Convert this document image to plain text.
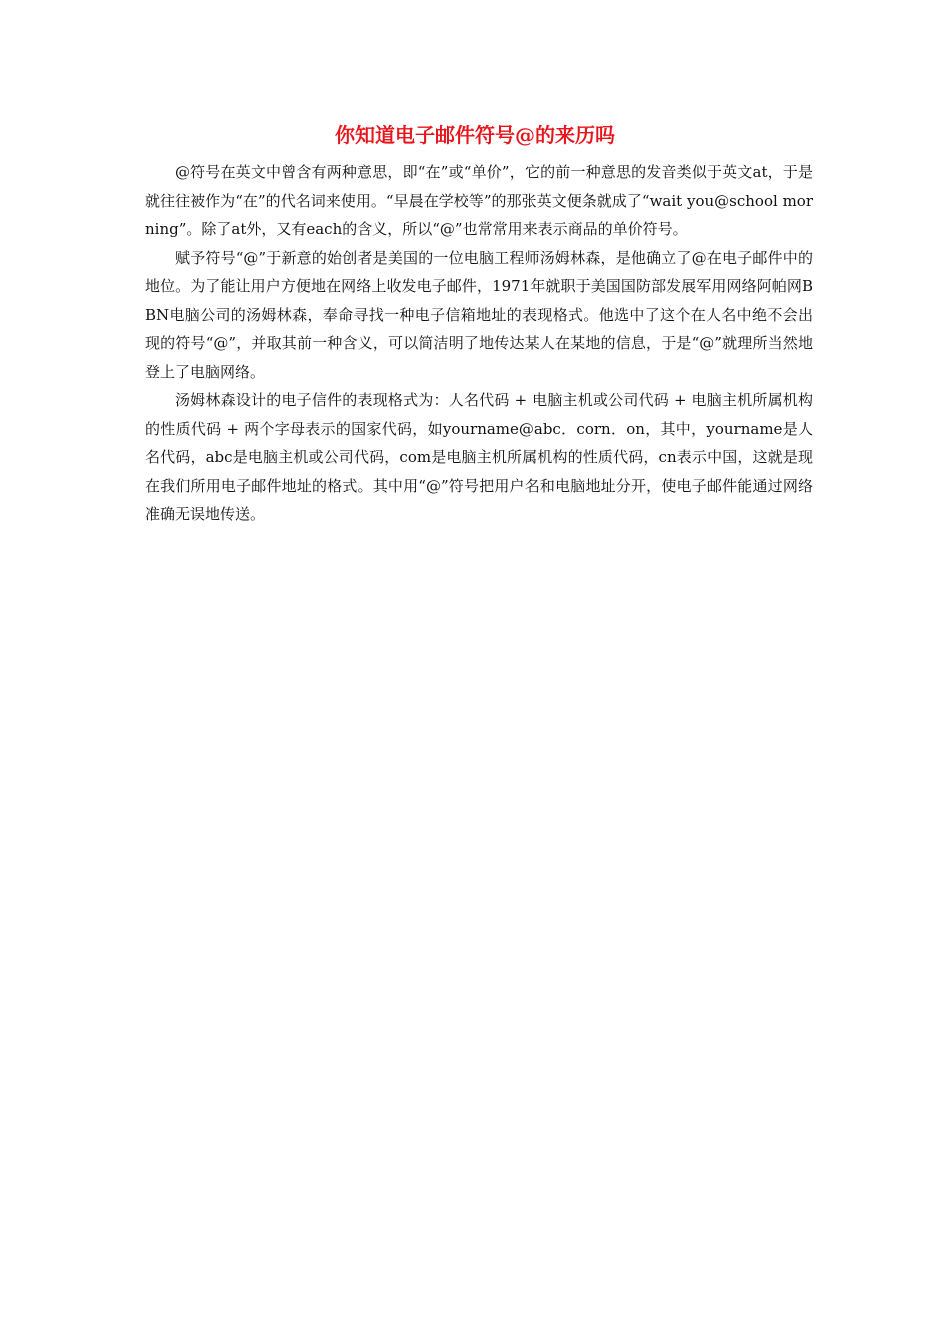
你知道电子邮件符号@的来历吗

@符号在英文中曾含有两种意思，即“在”或“单价”，它的前一种意思的发音类似于英文at，于是就往往被作为“在”的代名词来使用。“早晨在学校等”的那张英文便条就成了“wait you@school morning”。除了at外，又有each的含义，所以“@”也常常用来表示商品的单价符号。

赋予符号“@”于新意的始创者是美国的一位电脑工程师汤姆林森，是他确立了@在电子邮件中的地位。为了能让用户方便地在网络上收发电子邮件，1971年就职于美国国防部发展军用网络阿帕网BBN电脑公司的汤姆林森，奉命寻找一种电子信箱地址的表现格式。他选中了这个在人名中绝不会出现的符号“@”，并取其前一种含义，可以简洁明了地传达某人在某地的信息，于是“@”就理所当然地登上了电脑网络。

汤姆林森设计的电子信件的表现格式为：人名代码 + 电脑主机或公司代码 + 电脑主机所属机构的性质代码 + 两个字母表示的国家代码，如yourname@abc．corn．on，其中，yourname是人名代码，abc是电脑主机或公司代码，com是电脑主机所属机构的性质代码，cn表示中国，这就是现在我们所用电子邮件地址的格式。其中用“@”符号把用户名和电脑地址分开，使电子邮件能通过网络准确无误地传送。
